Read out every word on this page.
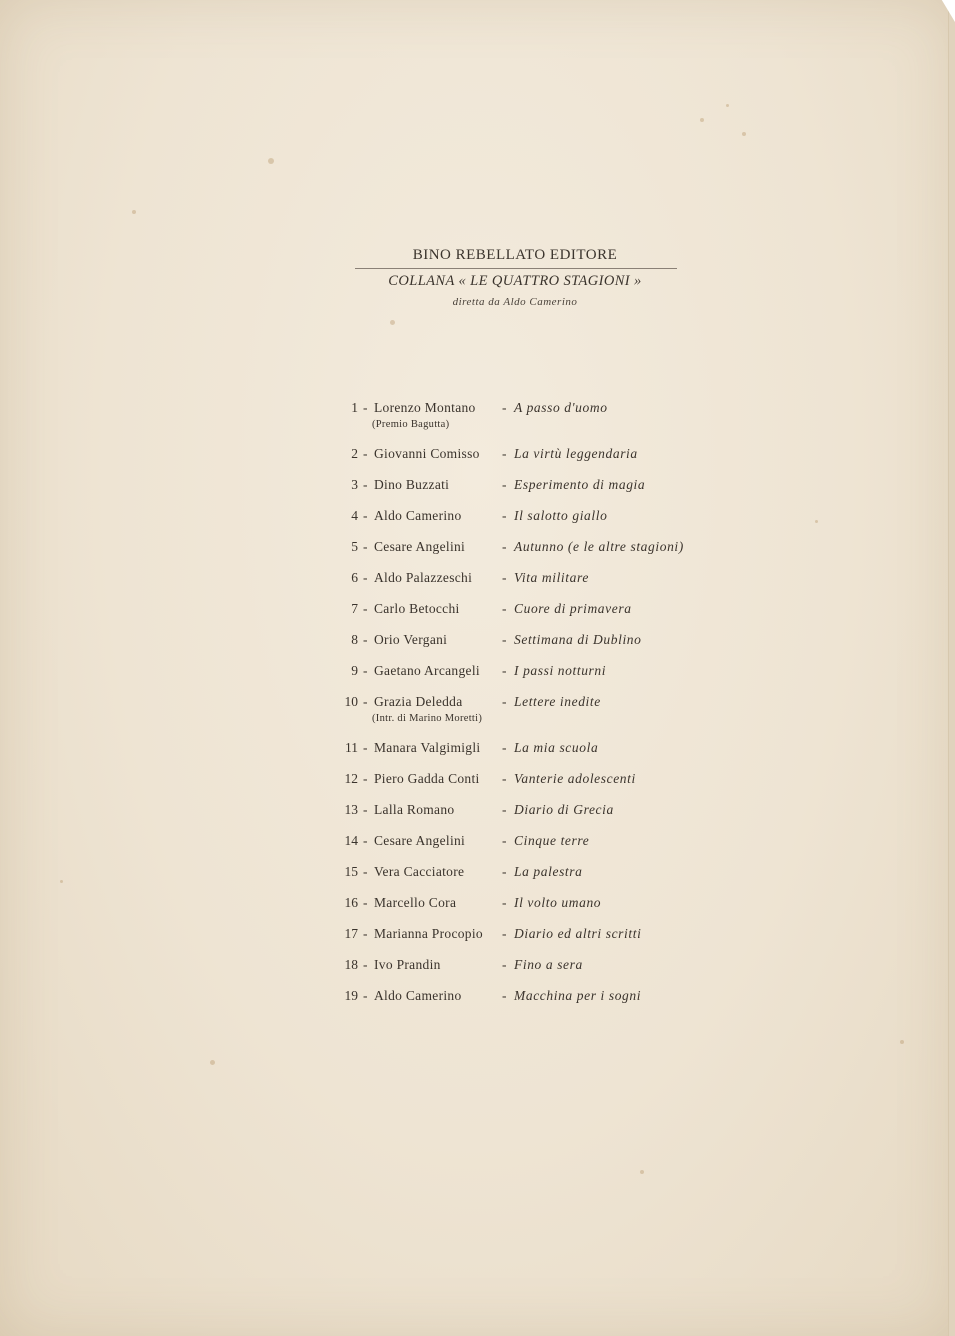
BINO REBELLATO EDITORE
COLLANA « LE QUATTRO STAGIONI »
diretta da Aldo Camerino
1 - Lorenzo Montano - A passo d'uomo
(Premio Bagutta)
2 - Giovanni Comisso - La virtù leggendaria
3 - Dino Buzzati	- Esperimento di magia
4 - Aldo Camerino	- Il salotto giallo
5 - Cesare Angelini	- Autunno (e le altre stagioni)
6 - Aldo Palazzeschi - Vita militare
7 - Carlo Betocchi	- Cuore di primavera
8 - Orio Vergani	- Settimana di Dublino
9 - Gaetano Arcangeli - I passi notturni
10 - Grazia Deledda	- Lettere inedite
(Intr. di Marino Moretti)
11 - Manara Valgimigli - La mia scuola
12 - Piero Gadda Conti - Vanterie adolescenti
13 - Lalla Romano	- Diario di Grecia
14 - Cesare Angelini	- Cinque terre
15 - Vera Cacciatore	- La palestra
16 - Marcello Cora	- Il volto umano
17 - Marianna Procopio - Diario ed altri scritti
18 - Ivo Prandin	- Fino a sera
19 - Aldo Camerino	- Macchina per i sogni
